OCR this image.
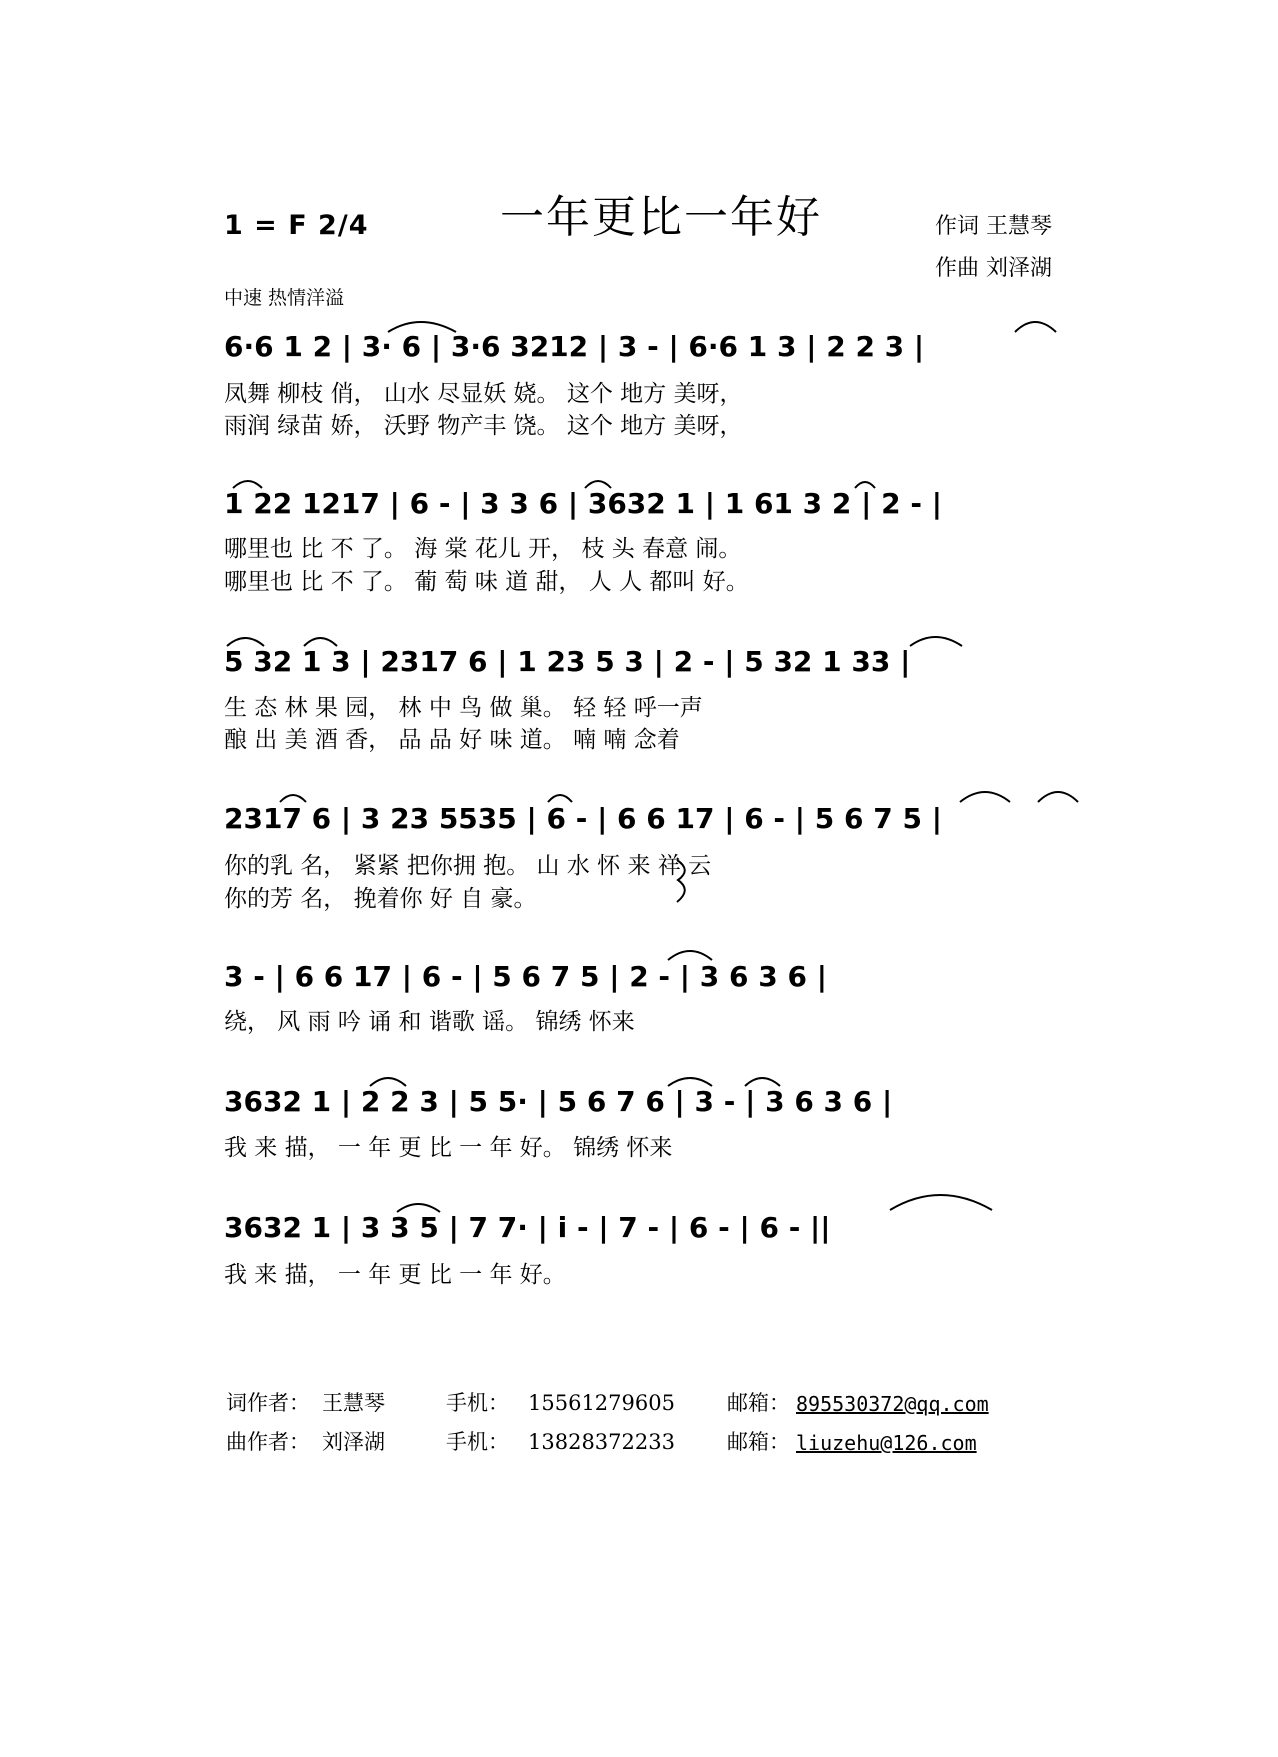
1 = F 2/4	一年更比一年好	作词 王慧琴
作曲 刘泽湖
中速 热情洋溢
6·6 1 2 | 3· 6 | 3·6 3212 | 3 - | 6·6 1 3 | 2 2 3 |
凤舞 柳枝 俏， 山水 尽显妖 娆。 这个 地方 美呀，
雨润 绿苗 娇， 沃野 物产丰 饶。 这个 地方 美呀，
1 22 1217 | 6 - | 3 3 6 | 3632 1 | 1 61 3 2 | 2 - |
哪里也 比 不 了。 海 棠 花儿 开， 枝 头 春意 闹。
哪里也 比 不 了。 葡 萄 味 道 甜， 人 人 都叫 好。
5 32 1 3 | 2317 6 | 1 23 5 3 | 2 - | 5 32 1 33 |
生 态 林 果 园， 林 中 鸟 做 巢。 轻 轻 呼一声
酿 出 美 酒 香， 品 品 好 味 道。 喃 喃 念着
2317 6 | 3 23 5535 | 6 - | 6 6 17 | 6 - | 5 6 7 5 |
你的乳 名， 紧紧 把你拥 抱。 山 水 怀 来 祥 云
你的芳 名， 挽着你 好 自 豪。
3 - | 6 6 17 | 6 - | 5 6 7 5 | 2 - | 3 6 3 6 |
绕， 风 雨 吟 诵 和 谐歌 谣。 锦绣 怀来
3632 1 | 2 2 3 | 5 5· | 5 6 7 6 | 3 - | 3 6 3 6 |
我 来 描， 一 年 更 比 一 年 好。 锦绣 怀来
3632 1 | 3 3 5 | 7 7· | i - | 7 - | 6 - | 6 - ||
我 来 描， 一 年 更 比 一 年 好。
词作者： 王慧琴	手机： 15561279605 邮箱： 895530372@qq.com
曲作者： 刘泽湖	手机： 13828372233 邮箱： liuzehu@126.com
